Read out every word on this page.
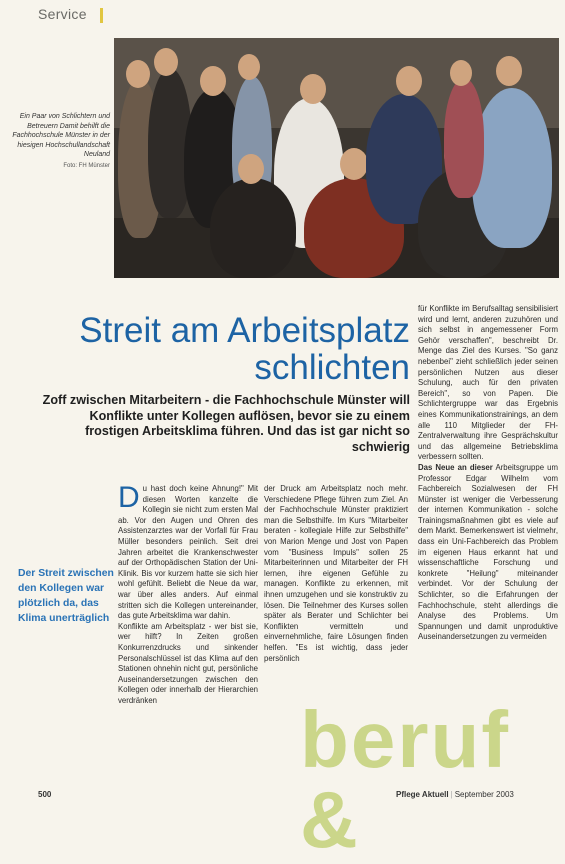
Service
Ein Paar von Schlichtern und Betreuern Damit behilft die Fachhochschule Münster in der hiesigen Hochschullandschaft Neuland
Foto: FH Münster
Streit am Arbeitsplatz
schlichten
Zoff zwischen Mitarbeitern - die Fachhochschule Münster will Konflikte unter Kollegen auflösen, bevor sie zu einem frostigen Arbeitsklima führen. Und das ist gar nicht so schwierig

Du hast doch keine Ahnung!" Mit diesen Worten kanzelte die Kollegin sie nicht zum ersten Mal ab. Vor den Augen und Ohren des Assistenzarztes war der Vorfall für Frau Müller besonders peinlich. Seit drei Jahren arbeitet die Krankenschwester auf der Orthopädischen Station der Uni-Klinik. Bis vor kurzem hatte sie sich hier wohl gefühlt. Beliebt die Neue da war, war über alles anders. Auf einmal stritten sich die Kollegen untereinander, das gute Arbeitsklima war dahin.

Konflikte am Arbeitsplatz - wer bist sie, wer hilft? In Zeiten großen Konkurrenzdrucks und sinkender Personalschlüssel ist das Klima auf den Stationen ohnehin nicht gut, persönliche Auseinandersetzungen zwischen den Kollegen oder innerhalb der Hierarchien verdränken

Der Streit zwischen den Kollegen war plötzlich da, das Klima unerträglich

der Druck am Arbeitsplatz noch mehr. Verschiedene Pflege führen zum Ziel. An der Fachhochschule Münster praktiziert man die Selbsthilfe. Im Kurs "Mitarbeiter beraten - kollegiale Hilfe zur Selbsthilfe" von Marion Menge und Jost von Papen vom "Business Impuls" sollen 25 Mitarbeiterinnen und Mitarbeiter der FH lernen, ihre eigenen Gefühle zu managen. Konflikte zu erkennen, mit ihnen umzugehen und sie konstruktiv zu lösen. Die Teilnehmer des Kurses sollen später als Berater und Schlichter bei Konflikten vermitteln und einvernehmliche, faire Lösungen finden helfen. "Es ist wichtig, dass jeder persönlich

für Konflikte im Berufsalltag sensibilisiert wird und lernt, anderen zuzuhören und sich selbst in angemessener Form Gehör verschaffen", beschreibt Dr. Menge das Ziel des Kurses. "So ganz nebenbei" zieht schließlich jeder seinen persönlichen Nutzen aus dieser Schulung, auch für den privaten Bereich", so von Papen. Die Schlichtergruppe war das Ergebnis eines Kommunikationstrainings, an dem alle 110 Mitglieder der FH-Zentralverwaltung ihre Gesprächskultur und das allgemeine Betriebsklima verbessern sollten.

Das Neue an dieser Arbeitsgruppe um Professor Edgar Wilhelm vom Fachbereich Sozialwesen der FH Münster ist weniger die Verbesserung der internen Kommunikation - solche Trainingsmaßnahmen gibt es viele auf dem Markt. Bemerkenswert ist vielmehr, dass ein Uni-Fachbereich das Problem im eigenen Haus erkannt hat und wissenschaftliche Forschung und konkrete "Heilung" miteinander verbindet. Vor der Schulung der Schlichter, so die Erfahrungen der Fachhochschule, steht allerdings die Analyse des Problems. Um Spannungen und damit unproduktive Auseinandersetzungen zu vermeiden

beruf &
500	Pflege Aktuell | September 2003
